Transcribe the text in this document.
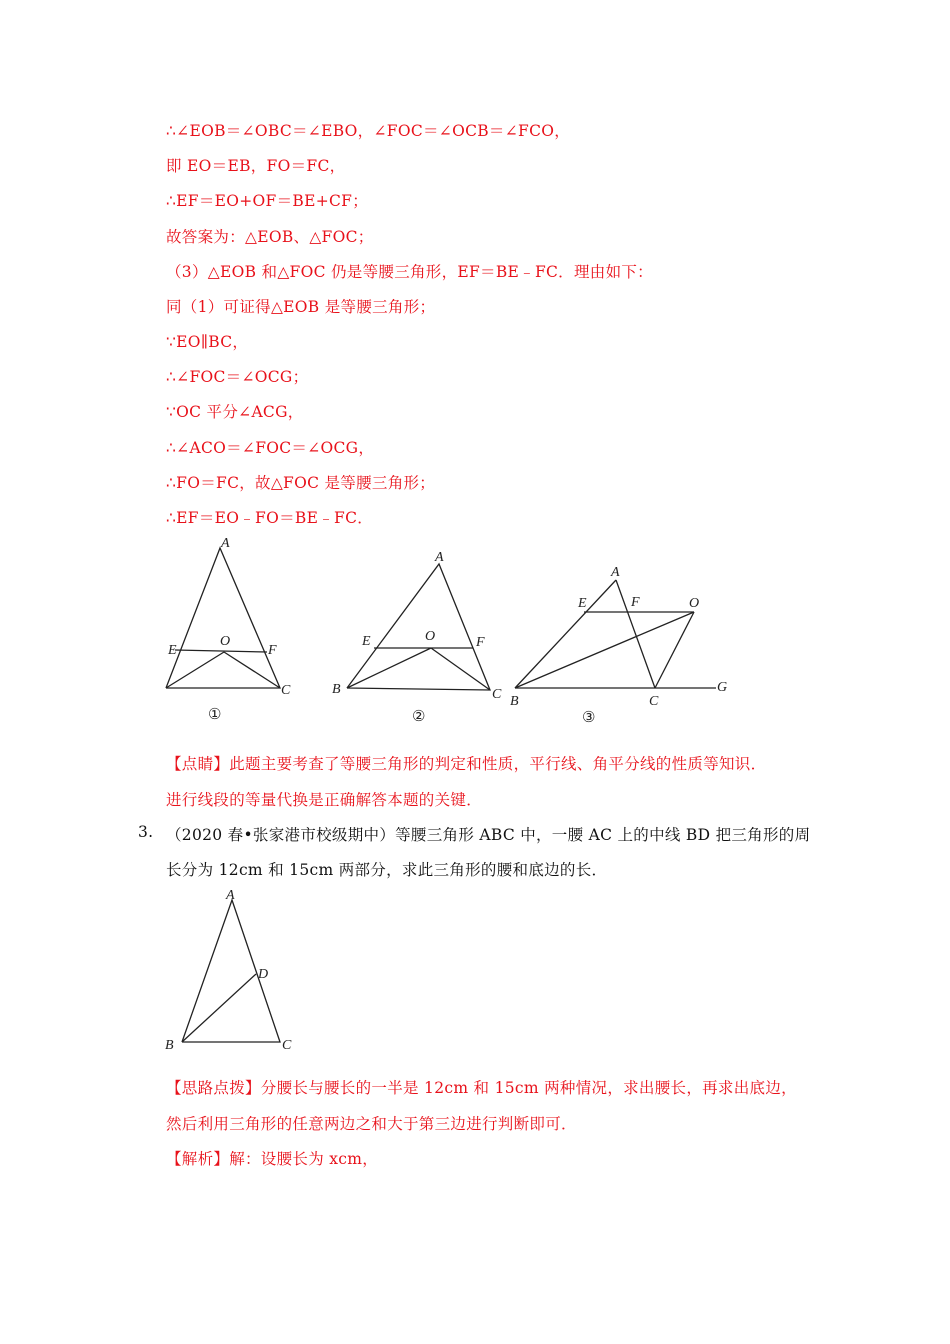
∴∠EOB＝∠OBC＝∠EBO，∠FOC＝∠OCB＝∠FCO，
即 EO＝EB，FO＝FC，
∴EF＝EO+OF＝BE+CF；
故答案为：△EOB、△FOC；
（3）△EOB 和△FOC 仍是等腰三角形，EF＝BE﹣FC．理由如下：
同（1）可证得△EOB 是等腰三角形；
∵EO∥BC，
∴∠FOC＝∠OCG；
∵OC 平分∠ACG，
∴∠ACO＝∠FOC＝∠OCG，
∴FO＝FC，故△FOC 是等腰三角形；
∴EF＝EO﹣FO＝BE﹣FC．
A
E
O
F
C
①
A
E	O	F
B	C
②
A
E	F	O
B	C
G
③
【点睛】此题主要考查了等腰三角形的判定和性质，平行线、角平分线的性质等知识．
进行线段的等量代换是正确解答本题的关键．
3. （2020 春•张家港市校级期中）等腰三角形 ABC 中，一腰 AC 上的中线 BD 把三角形的周
长分为 12cm 和 15cm 两部分，求此三角形的腰和底边的长．
A
D
B	C
【思路点拨】分腰长与腰长的一半是 12cm 和 15cm 两种情况，求出腰长，再求出底边，
然后利用三角形的任意两边之和大于第三边进行判断即可．
【解析】解：设腰长为 xcm，
